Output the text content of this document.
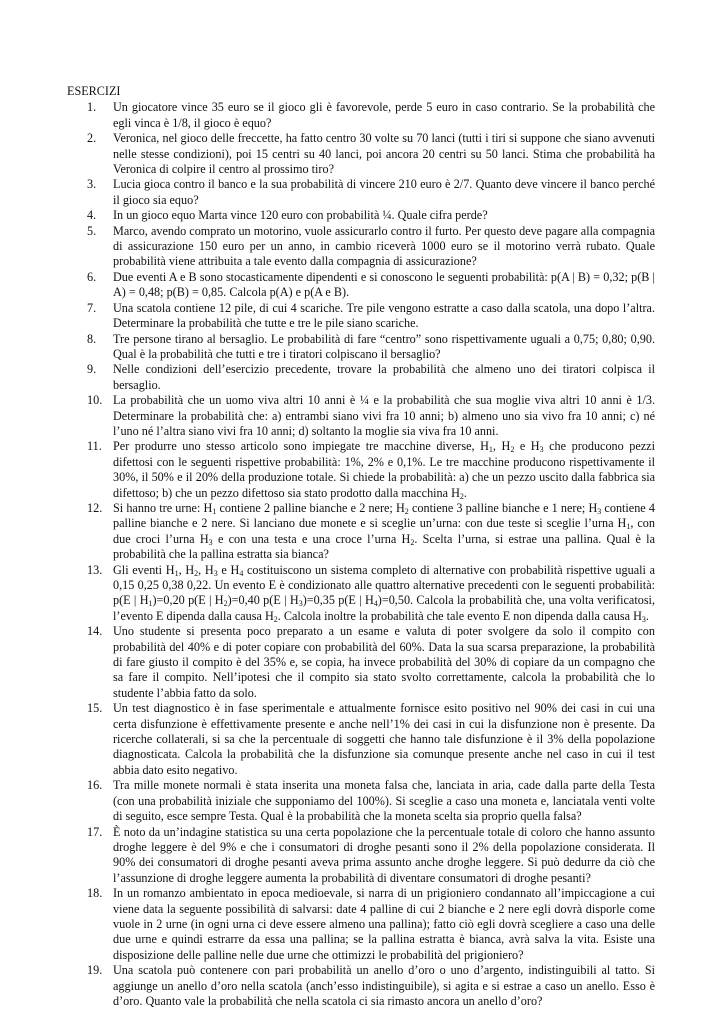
ESERCIZI
1.	Un giocatore vince 35 euro se il gioco gli è favorevole, perde 5 euro in caso contrario. Se la probabilità che egli vinca è 1/8, il gioco è equo?
2.	Veronica, nel gioco delle freccette, ha fatto centro 30 volte su 70 lanci (tutti i tiri si suppone che siano avvenuti nelle stesse condizioni), poi 15 centri su 40 lanci, poi ancora 20 centri su 50 lanci. Stima che probabilità ha Veronica di colpire il centro al prossimo tiro?
3.	Lucia gioca contro il banco e la sua probabilità di vincere 210 euro è 2/7. Quanto deve vincere il banco perché il gioco sia equo?
4.	In un gioco equo Marta vince 120 euro con probabilità ¼. Quale cifra perde?
5.	Marco, avendo comprato un motorino, vuole assicurarlo contro il furto. Per questo deve pagare alla compagnia di assicurazione 150 euro per un anno, in cambio riceverà 1000 euro se il motorino verrà rubato. Quale probabilità viene attribuita a tale evento dalla compagnia di assicurazione?
6.	Due eventi A e B sono stocasticamente dipendenti e si conoscono le seguenti probabilità: p(A | B) = 0,32; p(B | A) = 0,48; p(B) = 0,85. Calcola p(A) e p(A e B).
7.	Una scatola contiene 12 pile, di cui 4 scariche. Tre pile vengono estratte a caso dalla scatola, una dopo l’altra. Determinare la probabilità che tutte e tre le pile siano scariche.
8.	Tre persone tirano al bersaglio. Le probabilità di fare “centro” sono rispettivamente uguali a 0,75; 0,80; 0,90. Qual è la probabilità che tutti e tre i tiratori colpiscano il bersaglio?
9.	Nelle condizioni dell’esercizio precedente, trovare la probabilità che almeno uno dei tiratori colpisca il bersaglio.
10. La probabilità che un uomo viva altri 10 anni è ¼ e la probabilità che sua moglie viva altri 10 anni è 1/3. Determinare la probabilità che: a) entrambi siano vivi fra 10 anni; b) almeno uno sia vivo fra 10 anni; c) né l’uno né l’altra siano vivi fra 10 anni; d) soltanto la moglie sia viva fra 10 anni.
11. Per produrre uno stesso articolo sono impiegate tre macchine diverse, $H_1$, $H_2$ e $H_3$ che producono pezzi difettosi con le seguenti rispettive probabilità: 1%, 2% e 0,1%. Le tre macchine producono rispettivamente il 30%, il 50% e il 20% della produzione totale. Si chiede la probabilità: a) che un pezzo uscito dalla fabbrica sia difettoso; b) che un pezzo difettoso sia stato prodotto dalla macchina $H_2$.
12. Si hanno tre urne: $H_1$ contiene 2 palline bianche e 2 nere; $H_2$ contiene 3 palline bianche e 1 nere; $H_3$ contiene 4 palline bianche e 2 nere. Si lanciano due monete e si sceglie un’urna: con due teste si sceglie l’urna $H_1$, con due croci l’urna $H_3$ e con una testa e una croce l’urna $H_2$. Scelta l’urna, si estrae una pallina. Qual è la probabilità che la pallina estratta sia bianca?
13. Gli eventi $H_1$, $H_2$, $H_3$ e $H_4$ costituiscono un sistema completo di alternative con probabilità rispettive uguali a 0,15 0,25 0,38 0,22. Un evento E è condizionato alle quattro alternative precedenti con le seguenti probabilità: p(E | $H_1)=0,20$ p(E | $H_2)=0,40$ p(E | $H_3)=0,35$ p(E | $H_4)=0,50$. Calcola la probabilità che, una volta verificatosi, l’evento E dipenda dalla causa $H_2$. Calcola inoltre la probabilità che tale evento E non dipenda dalla causa $H_3$.
14. Uno studente si presenta poco preparato a un esame e valuta di poter svolgere da solo il compito con probabilità del 40% e di poter copiare con probabilità del 60%. Data la sua scarsa preparazione, la probabilità di fare giusto il compito è del 35% e, se copia, ha invece probabilità del 30% di copiare da un compagno che sa fare il compito. Nell’ipotesi che il compito sia stato svolto correttamente, calcola la probabilità che lo studente l’abbia fatto da solo.
15. Un test diagnostico è in fase sperimentale e attualmente fornisce esito positivo nel 90% dei casi in cui una certa disfunzione è effettivamente presente e anche nell’1% dei casi in cui la disfunzione non è presente. Da ricerche collaterali, si sa che la percentuale di soggetti che hanno tale disfunzione è il 3% della popolazione diagnosticata. Calcola la probabilità che la disfunzione sia comunque presente anche nel caso in cui il test abbia dato esito negativo.
16. Tra mille monete normali è stata inserita una moneta falsa che, lanciata in aria, cade dalla parte della Testa (con una probabilità iniziale che supponiamo del 100%). Si sceglie a caso una moneta e, lanciatala venti volte di seguito, esce sempre Testa. Qual è la probabilità che la moneta scelta sia proprio quella falsa?
17. È noto da un’indagine statistica su una certa popolazione che la percentuale totale di coloro che hanno assunto droghe leggere è del 9% e che i consumatori di droghe pesanti sono il 2% della popolazione considerata. Il 90% dei consumatori di droghe pesanti aveva prima assunto anche droghe leggere. Si può dedurre da ciò che l’assunzione di droghe leggere aumenta la probabilità di diventare consumatori di droghe pesanti?
18. In un romanzo ambientato in epoca medioevale, si narra di un prigioniero condannato all’impiccagione a cui viene data la seguente possibilità di salvarsi: date 4 palline di cui 2 bianche e 2 nere egli dovrà disporle come vuole in 2 urne (in ogni urna ci deve essere almeno una pallina); fatto ciò egli dovrà scegliere a caso una delle due urne e quindi estrarre da essa una pallina; se la pallina estratta è bianca, avrà salva la vita. Esiste una disposizione delle palline nelle due urne che ottimizzi le probabilità del prigioniero?
19. Una scatola può contenere con pari probabilità un anello d’oro o uno d’argento, indistinguibili al tatto. Si aggiunge un anello d’oro nella scatola (anch’esso indistinguibile), si agita e si estrae a caso un anello. Esso è d’oro. Quanto vale la probabilità che nella scatola ci sia rimasto ancora un anello d’oro?
